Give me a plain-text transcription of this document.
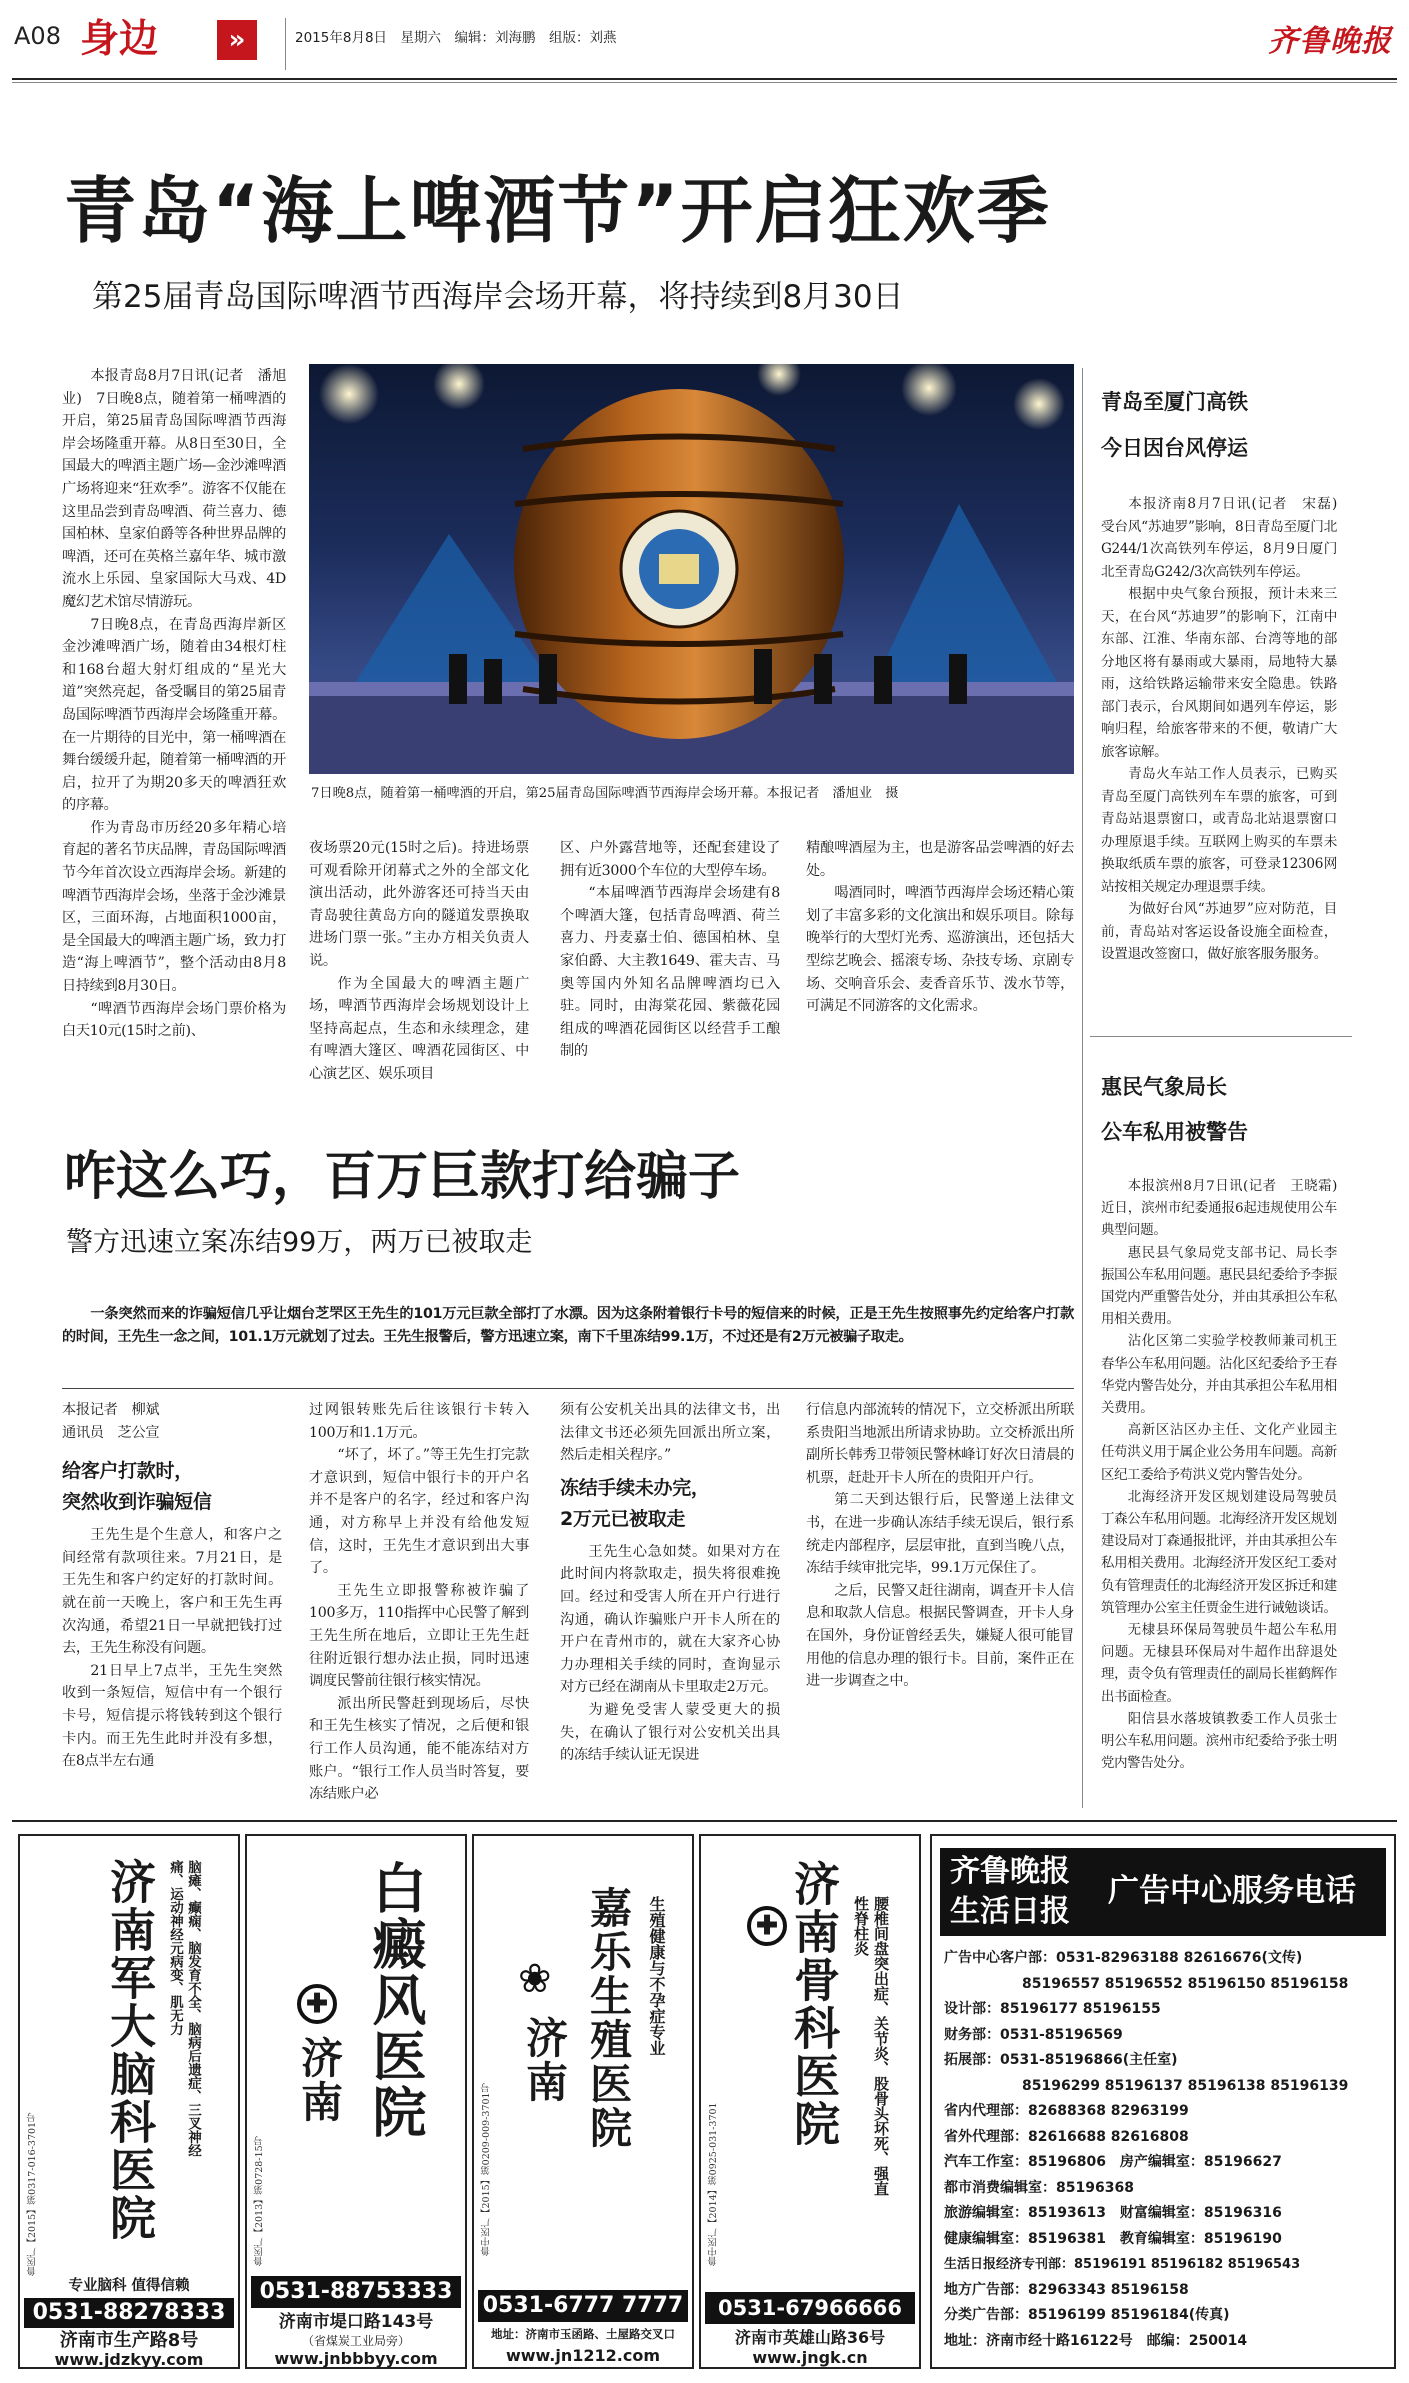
A08 身边	»	2015年8月8日　星期六　编辑：刘海鹏　组版：刘燕	齐鲁晚报
青岛“海上啤酒节”开启狂欢季
第25届青岛国际啤酒节西海岸会场开幕，将持续到8月30日
7日晚8点，随着第一桶啤酒的开启，第25届青岛国际啤酒节西海岸会场开幕。本报记者　潘旭业　摄

本报青岛8月7日讯(记者　潘旭业)　7日晚8点，随着第一桶啤酒的开启，第25届青岛国际啤酒节西海岸会场隆重开幕。从8日至30日，全国最大的啤酒主题广场—金沙滩啤酒广场将迎来“狂欢季”。游客不仅能在这里品尝到青岛啤酒、荷兰喜力、德国柏林、皇家伯爵等各种世界品牌的啤酒，还可在英格兰嘉年华、城市激流水上乐园、皇家国际大马戏、4D魔幻艺术馆尽情游玩。

7日晚8点，在青岛西海岸新区金沙滩啤酒广场，随着由34根灯柱和168台超大射灯组成的“星光大道”突然亮起，备受瞩目的第25届青岛国际啤酒节西海岸会场隆重开幕。在一片期待的目光中，第一桶啤酒在舞台缓缓升起，随着第一桶啤酒的开启，拉开了为期20多天的啤酒狂欢的序幕。

作为青岛市历经20多年精心培育起的著名节庆品牌，青岛国际啤酒节今年首次设立西海岸会场。新建的啤酒节西海岸会场，坐落于金沙滩景区，三面环海，占地面积1000亩，是全国最大的啤酒主题广场，致力打造“海上啤酒节”，整个活动由8月8日持续到8月30日。

“啤酒节西海岸会场门票价格为白天10元(15时之前)、

夜场票20元(15时之后)。持进场票可观看除开闭幕式之外的全部文化演出活动，此外游客还可持当天由青岛驶往黄岛方向的隧道发票换取进场门票一张。”主办方相关负责人说。

作为全国最大的啤酒主题广场，啤酒节西海岸会场规划设计上坚持高起点，生态和永续理念，建有啤酒大篷区、啤酒花园街区、中心演艺区、娱乐项目

区、户外露营地等，还配套建设了拥有近3000个车位的大型停车场。

“本届啤酒节西海岸会场建有8个啤酒大篷，包括青岛啤酒、荷兰喜力、丹麦嘉士伯、德国柏林、皇家伯爵、大主教1649、霍夫吉、马奥等国内外知名品牌啤酒均已入驻。同时，由海棠花园、紫薇花园组成的啤酒花园街区以经营手工酿制的

精酿啤酒屋为主，也是游客品尝啤酒的好去处。

喝酒同时，啤酒节西海岸会场还精心策划了丰富多彩的文化演出和娱乐项目。除每晚举行的大型灯光秀、巡游演出，还包括大型综艺晚会、摇滚专场、杂技专场、京剧专场、交响音乐会、麦香音乐节、泼水节等，可满足不同游客的文化需求。

青岛至厦门高铁
今日因台风停运

本报济南8月7日讯(记者　宋磊)　受台风“苏迪罗”影响，8日青岛至厦门北G244/1次高铁列车停运，8月9日厦门北至青岛G242/3次高铁列车停运。

根据中央气象台预报，预计未来三天，在台风“苏迪罗”的影响下，江南中东部、江淮、华南东部、台湾等地的部分地区将有暴雨或大暴雨，局地特大暴雨，这给铁路运输带来安全隐患。铁路部门表示，台风期间如遇列车停运，影响归程，给旅客带来的不便，敬请广大旅客谅解。

青岛火车站工作人员表示，已购买青岛至厦门高铁列车车票的旅客，可到青岛站退票窗口，或青岛北站退票窗口办理原退手续。互联网上购买的车票未换取纸质车票的旅客，可登录12306网站按相关规定办理退票手续。

为做好台风“苏迪罗”应对防范，目前，青岛站对客运设备设施全面检查，设置退改签窗口，做好旅客服务服务。

惠民气象局长
公车私用被警告

本报滨州8月7日讯(记者　王晓霜)　近日，滨州市纪委通报6起违规使用公车典型问题。

惠民县气象局党支部书记、局长李振国公车私用问题。惠民县纪委给予李振国党内严重警告处分，并由其承担公车私用相关费用。

沾化区第二实验学校教师兼司机王春华公车私用问题。沾化区纪委给予王春华党内警告处分，并由其承担公车私用相关费用。

高新区沾区办主任、文化产业园主任苟洪义用于属企业公务用车问题。高新区纪工委给予苟洪义党内警告处分。

北海经济开发区规划建设局驾驶员丁森公车私用问题。北海经济开发区规划建设局对丁森通报批评，并由其承担公车私用相关费用。北海经济开发区纪工委对负有管理责任的北海经济开发区拆迁和建筑管理办公室主任贾金生进行诫勉谈话。

无棣县环保局驾驶员牛超公车私用问题。无棣县环保局对牛超作出辞退处理，责令负有管理责任的副局长崔鹤辉作出书面检查。

阳信县水落坡镇教委工作人员张士明公车私用问题。滨州市纪委给予张士明党内警告处分。

咋这么巧，百万巨款打给骗子
警方迅速立案冻结99万，两万已被取走

一条突然而来的诈骗短信几乎让烟台芝罘区王先生的101万元巨款全部打了水漂。因为这条附着银行卡号的短信来的时候，正是王先生按照事先约定给客户打款的时间，王先生一念之间，101.1万元就划了过去。王先生报警后，警方迅速立案，南下千里冻结99.1万，不过还是有2万元被骗子取走。

本报记者　柳斌

通讯员　芝公宣

给客户打款时，
突然收到诈骗短信

王先生是个生意人，和客户之间经常有款项往来。7月21日，是王先生和客户约定好的打款时间。就在前一天晚上，客户和王先生再次沟通，希望21日一早就把钱打过去，王先生称没有问题。

21日早上7点半，王先生突然收到一条短信，短信中有一个银行卡号，短信提示将钱转到这个银行卡内。而王先生此时并没有多想，在8点半左右通

过网银转账先后往该银行卡转入100万和1.1万元。

“坏了，坏了。”等王先生打完款才意识到，短信中银行卡的开户名并不是客户的名字，经过和客户沟通，对方称早上并没有给他发短信，这时，王先生才意识到出大事了。

王先生立即报警称被诈骗了100多万，110指挥中心民警了解到王先生所在地后，立即让王先生赶往附近银行想办法止损，同时迅速调度民警前往银行核实情况。

派出所民警赶到现场后，尽快和王先生核实了情况，之后便和银行工作人员沟通，能不能冻结对方账户。“银行工作人员当时答复，要冻结账户必

须有公安机关出具的法律文书，出法律文书还必须先回派出所立案，然后走相关程序。”

冻结手续未办完，
2万元已被取走

王先生心急如焚。如果对方在此时间内将款取走，损失将很难挽回。经过和受害人所在开户行进行沟通，确认诈骗账户开卡人所在的开户在青州市的，就在大家齐心协力办理相关手续的同时，查询显示对方已经在湖南从卡里取走2万元。

为避免受害人蒙受更大的损失，在确认了银行对公安机关出具的冻结手续认证无误进

行信息内部流转的情况下，立交桥派出所联系贵阳当地派出所请求协助。立交桥派出所副所长韩秀卫带领民警林峰订好次日清晨的机票，赶赴开卡人所在的贵阳开户行。

第二天到达银行后，民警递上法律文书，在进一步确认冻结手续无误后，银行系统走内部程序，层层审批，直到当晚八点，冻结手续审批完毕，99.1万元保住了。

之后，民警又赶往湖南，调查开卡人信息和取款人信息。根据民警调查，开卡人身在国外，身份证曾经丢失，嫌疑人很可能冒用他的信息办理的银行卡。目前，案件正在进一步调查之中。

鲁医广【2015】第0317-016-3701号 济南军大脑科医院	脑瘫、癫痫、脑发育不全、脑病后遗症、三叉神经痛、运动神经元病变、肌无力
专业脑科 值得信赖
0531-88278333
济南市生产路8号
www.jdzkyy.com
鲁医广【2013】第0728-15号
白癜风医院
✚
济南
0531-88753333
济南市堤口路143号
（省煤炭工业局旁）
www.jnbbbyy.com
鲁中医广【2015】第0209-009-3701号
嘉乐生殖医院 生殖健康与不孕症专业
❀
济南
0531-6777 7777
地址：济南市玉函路、土屋路交叉口
www.jn1212.com
鲁中医广【2014】第0925-031-3701
济南骨科医院
✚	腰椎间盘突出症、关节炎、股骨头坏死、强直性脊柱炎
0531-67966666
济南市英雄山路36号
www.jngk.cn
齐鲁晚报
生活日报
广告中心服务电话
广告中心客户部：0531-82963188 82616676(文传)
85196557 85196552 85196150 85196158
设计部：85196177 85196155
财务部：0531-85196569
拓展部：0531-85196866(主任室)
85196299 85196137 85196138 85196139
省内代理部：82688368 82963199
省外代理部：82616688 82616808
汽车工作室：85196806　房产编辑室：85196627
都市消费编辑室：85196368
旅游编辑室：85193613　财富编辑室：85196316
健康编辑室：85196381　教育编辑室：85196190
生活日报经济专刊部：85196191 85196182 85196543
地方广告部：82963343 85196158
分类广告部：85196199 85196184(传真)
地址：济南市经十路16122号　邮编：250014
